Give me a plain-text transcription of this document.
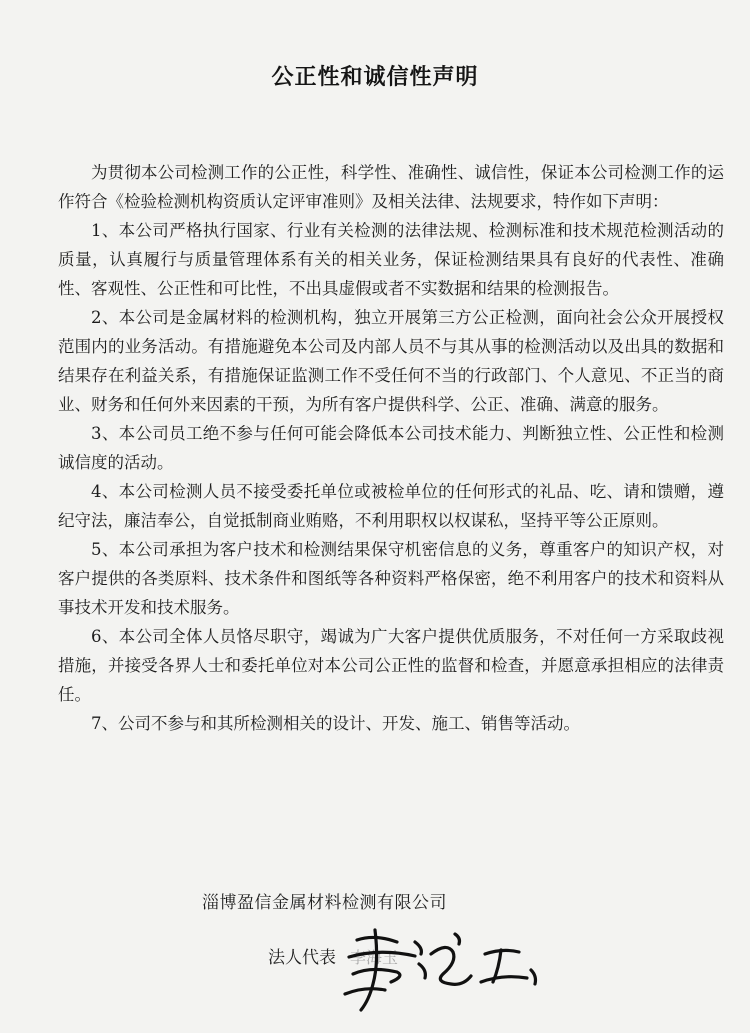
公正性和诚信性声明

为贯彻本公司检测工作的公正性，科学性、准确性、诚信性，保证本公司检测工作的运作符合《检验检测机构资质认定评审准则》及相关法律、法规要求，特作如下声明：

1、本公司严格执行国家、行业有关检测的法律法规、检测标准和技术规范检测活动的质量，认真履行与质量管理体系有关的相关业务，保证检测结果具有良好的代表性、准确性、客观性、公正性和可比性，不出具虚假或者不实数据和结果的检测报告。

2、本公司是金属材料的检测机构，独立开展第三方公正检测，面向社会公众开展授权范围内的业务活动。有措施避免本公司及内部人员不与其从事的检测活动以及出具的数据和结果存在利益关系，有措施保证监测工作不受任何不当的行政部门、个人意见、不正当的商业、财务和任何外来因素的干预，为所有客户提供科学、公正、准确、满意的服务。

3、本公司员工绝不参与任何可能会降低本公司技术能力、判断独立性、公正性和检测诚信度的活动。

4、本公司检测人员不接受委托单位或被检单位的任何形式的礼品、吃、请和馈赠，遵纪守法，廉洁奉公，自觉抵制商业贿赂，不利用职权以权谋私，坚持平等公正原则。

5、本公司承担为客户技术和检测结果保守机密信息的义务，尊重客户的知识产权，对客户提供的各类原料、技术条件和图纸等各种资料严格保密，绝不利用客户的技术和资料从事技术开发和技术服务。

6、本公司全体人员恪尽职守，竭诚为广大客户提供优质服务，不对任何一方采取歧视措施，并接受各界人士和委托单位对本公司公正性的监督和检查，并愿意承担相应的法律责任。

7、公司不参与和其所检测相关的设计、开发、施工、销售等活动。

淄博盈信金属材料检测有限公司
法人代表 李海玉
